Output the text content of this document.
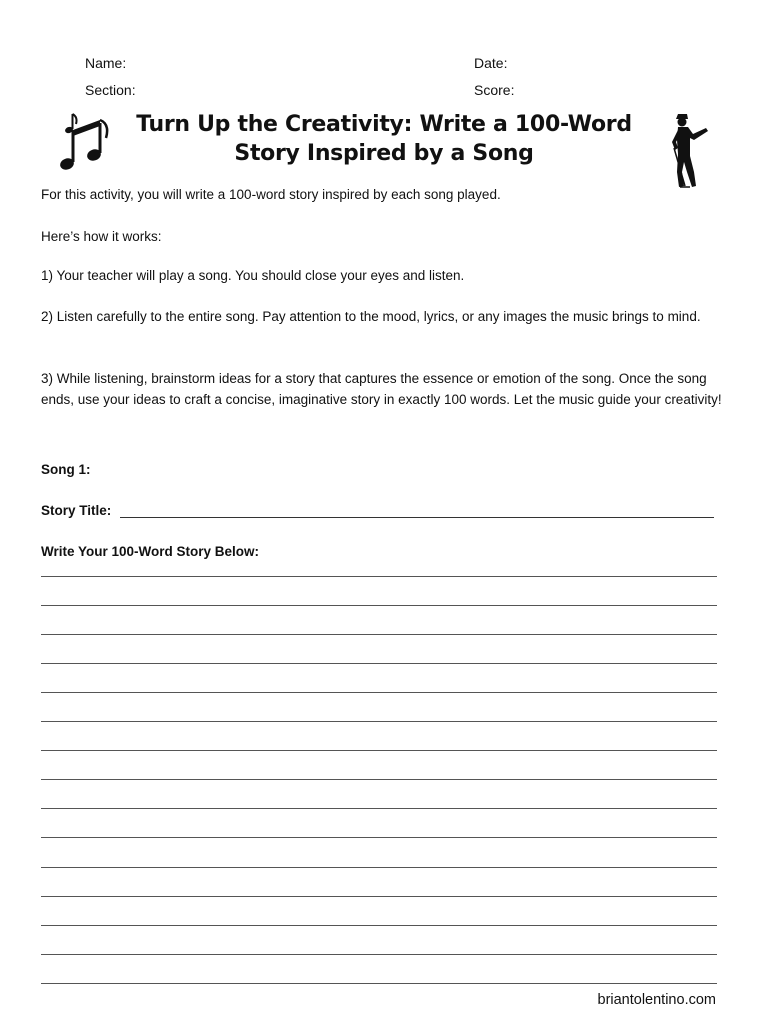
Name:
Section:
Date:
Score:
Turn Up the Creativity: Write a 100-Word
Story Inspired by a Song
For this activity, you will write a 100-word story inspired by each song played.
Here’s how it works:
1) Your teacher will play a song. You should close your eyes and listen.
2) Listen carefully to the entire song. Pay attention to the mood, lyrics, or any images the music brings to mind.
3) While listening, brainstorm ideas for a story that captures the essence or emotion of the song. Once the song ends, use your ideas to craft a concise, imaginative story in exactly 100 words. Let the music guide your creativity!
Song 1:
Story Title:
Write Your 100-Word Story Below:
briantolentino.com
